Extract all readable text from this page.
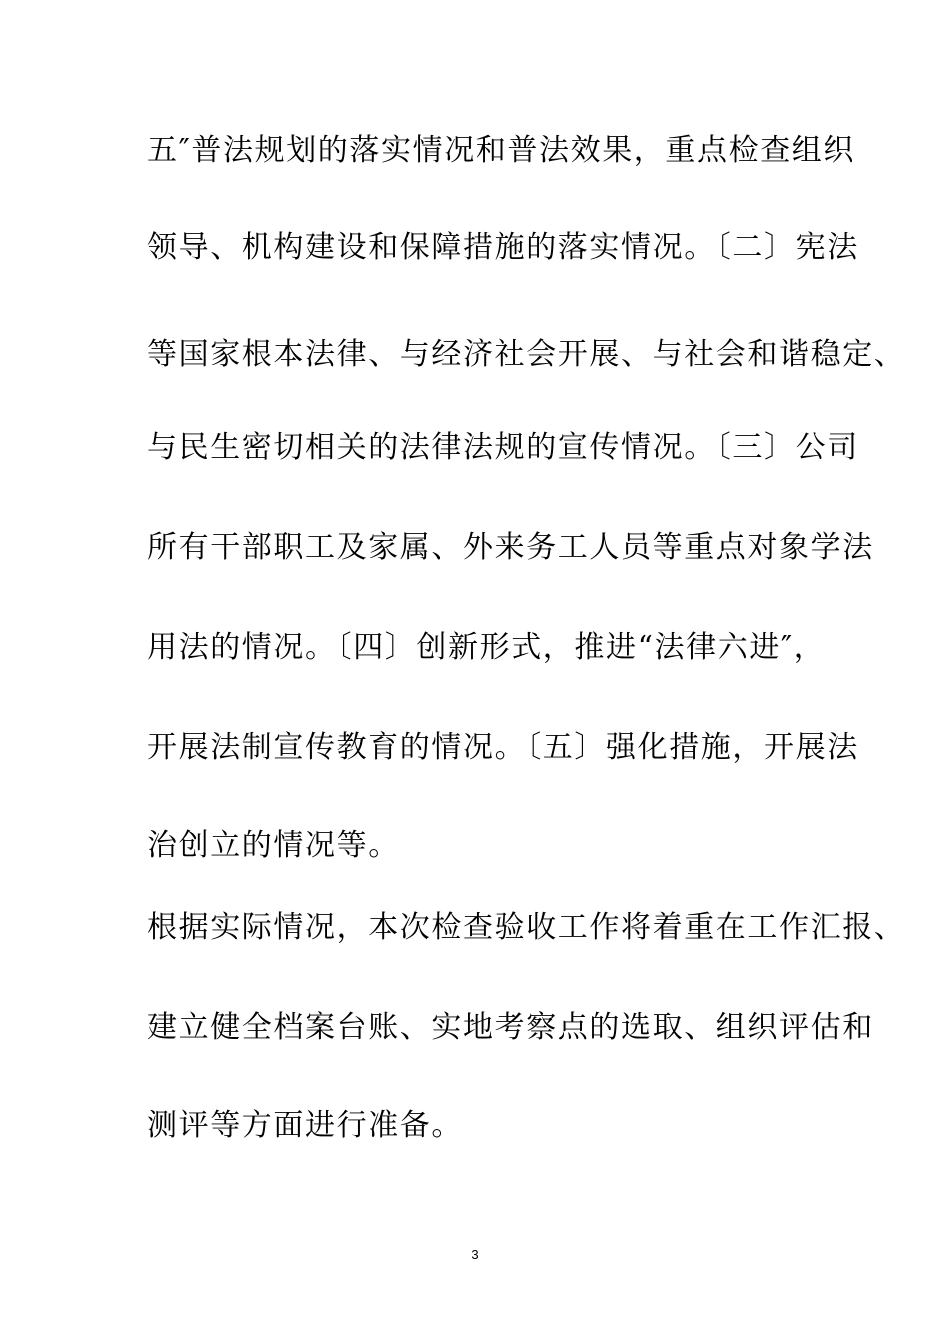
五″普法规划的落实情况和普法效果，重点检查组织
领导、机构建设和保障措施的落实情况。〔二〕宪法
等国家根本法律、与经济社会开展、与社会和谐稳定、
与民生密切相关的法律法规的宣传情况。〔三〕公司
所有干部职工及家属、外来务工人员等重点对象学法
用法的情况。〔四〕创新形式，推进“法律六进″，
开展法制宣传教育的情况。〔五〕强化措施，开展法
治创立的情况等。
根据实际情况，本次检查验收工作将着重在工作汇报、
建立健全档案台账、实地考察点的选取、组织评估和
测评等方面进行准备。
3
